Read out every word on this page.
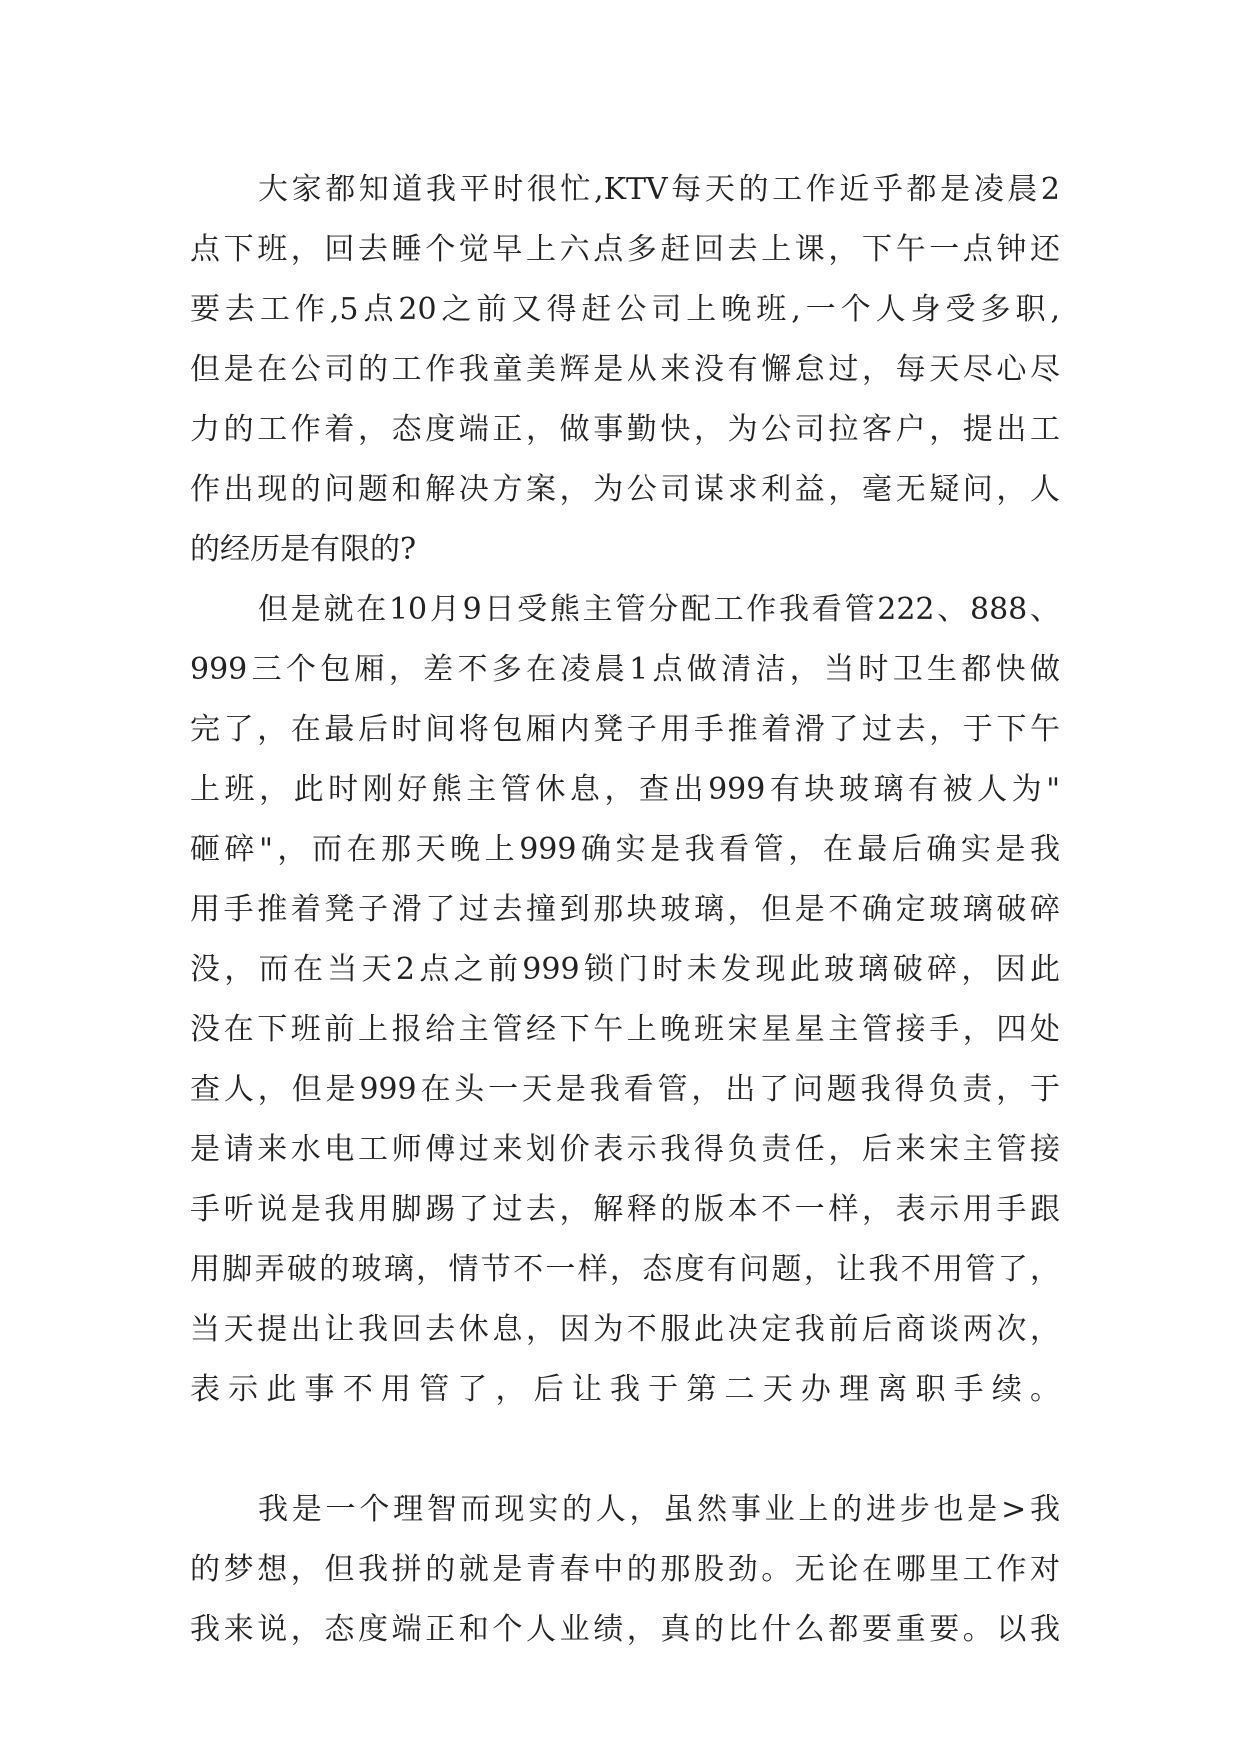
大家都知道我平时很忙,KTV每天的工作近乎都是凌晨2
点下班，回去睡个觉早上六点多赶回去上课，下午一点钟还
要去工作,5点20之前又得赶公司上晚班,一个人身受多职,
但是在公司的工作我童美辉是从来没有懈怠过，每天尽心尽
力的工作着，态度端正，做事勤快，为公司拉客户，提出工
作出现的问题和解决方案，为公司谋求利益，毫无疑问，人
的经历是有限的?
但是就在10月9日受熊主管分配工作我看管222、888、
999三个包厢，差不多在凌晨1点做清洁，当时卫生都快做
完了，在最后时间将包厢内凳子用手推着滑了过去，于下午
上班，此时刚好熊主管休息，查出999有块玻璃有被人为"
砸碎"，而在那天晚上999确实是我看管，在最后确实是我
用手推着凳子滑了过去撞到那块玻璃，但是不确定玻璃破碎
没，而在当天2点之前999锁门时未发现此玻璃破碎，因此
没在下班前上报给主管经下午上晚班宋星星主管接手，四处
查人，但是999在头一天是我看管，出了问题我得负责，于
是请来水电工师傅过来划价表示我得负责任，后来宋主管接
手听说是我用脚踢了过去，解释的版本不一样，表示用手跟
用脚弄破的玻璃，情节不一样，态度有问题，让我不用管了，
当天提出让我回去休息，因为不服此决定我前后商谈两次，
表示此事不用管了，后让我于第二天办理离职手续。
我是一个理智而现实的人，虽然事业上的进步也是>我
的梦想，但我拼的就是青春中的那股劲。无论在哪里工作对
我来说，态度端正和个人业绩，真的比什么都要重要。以我
